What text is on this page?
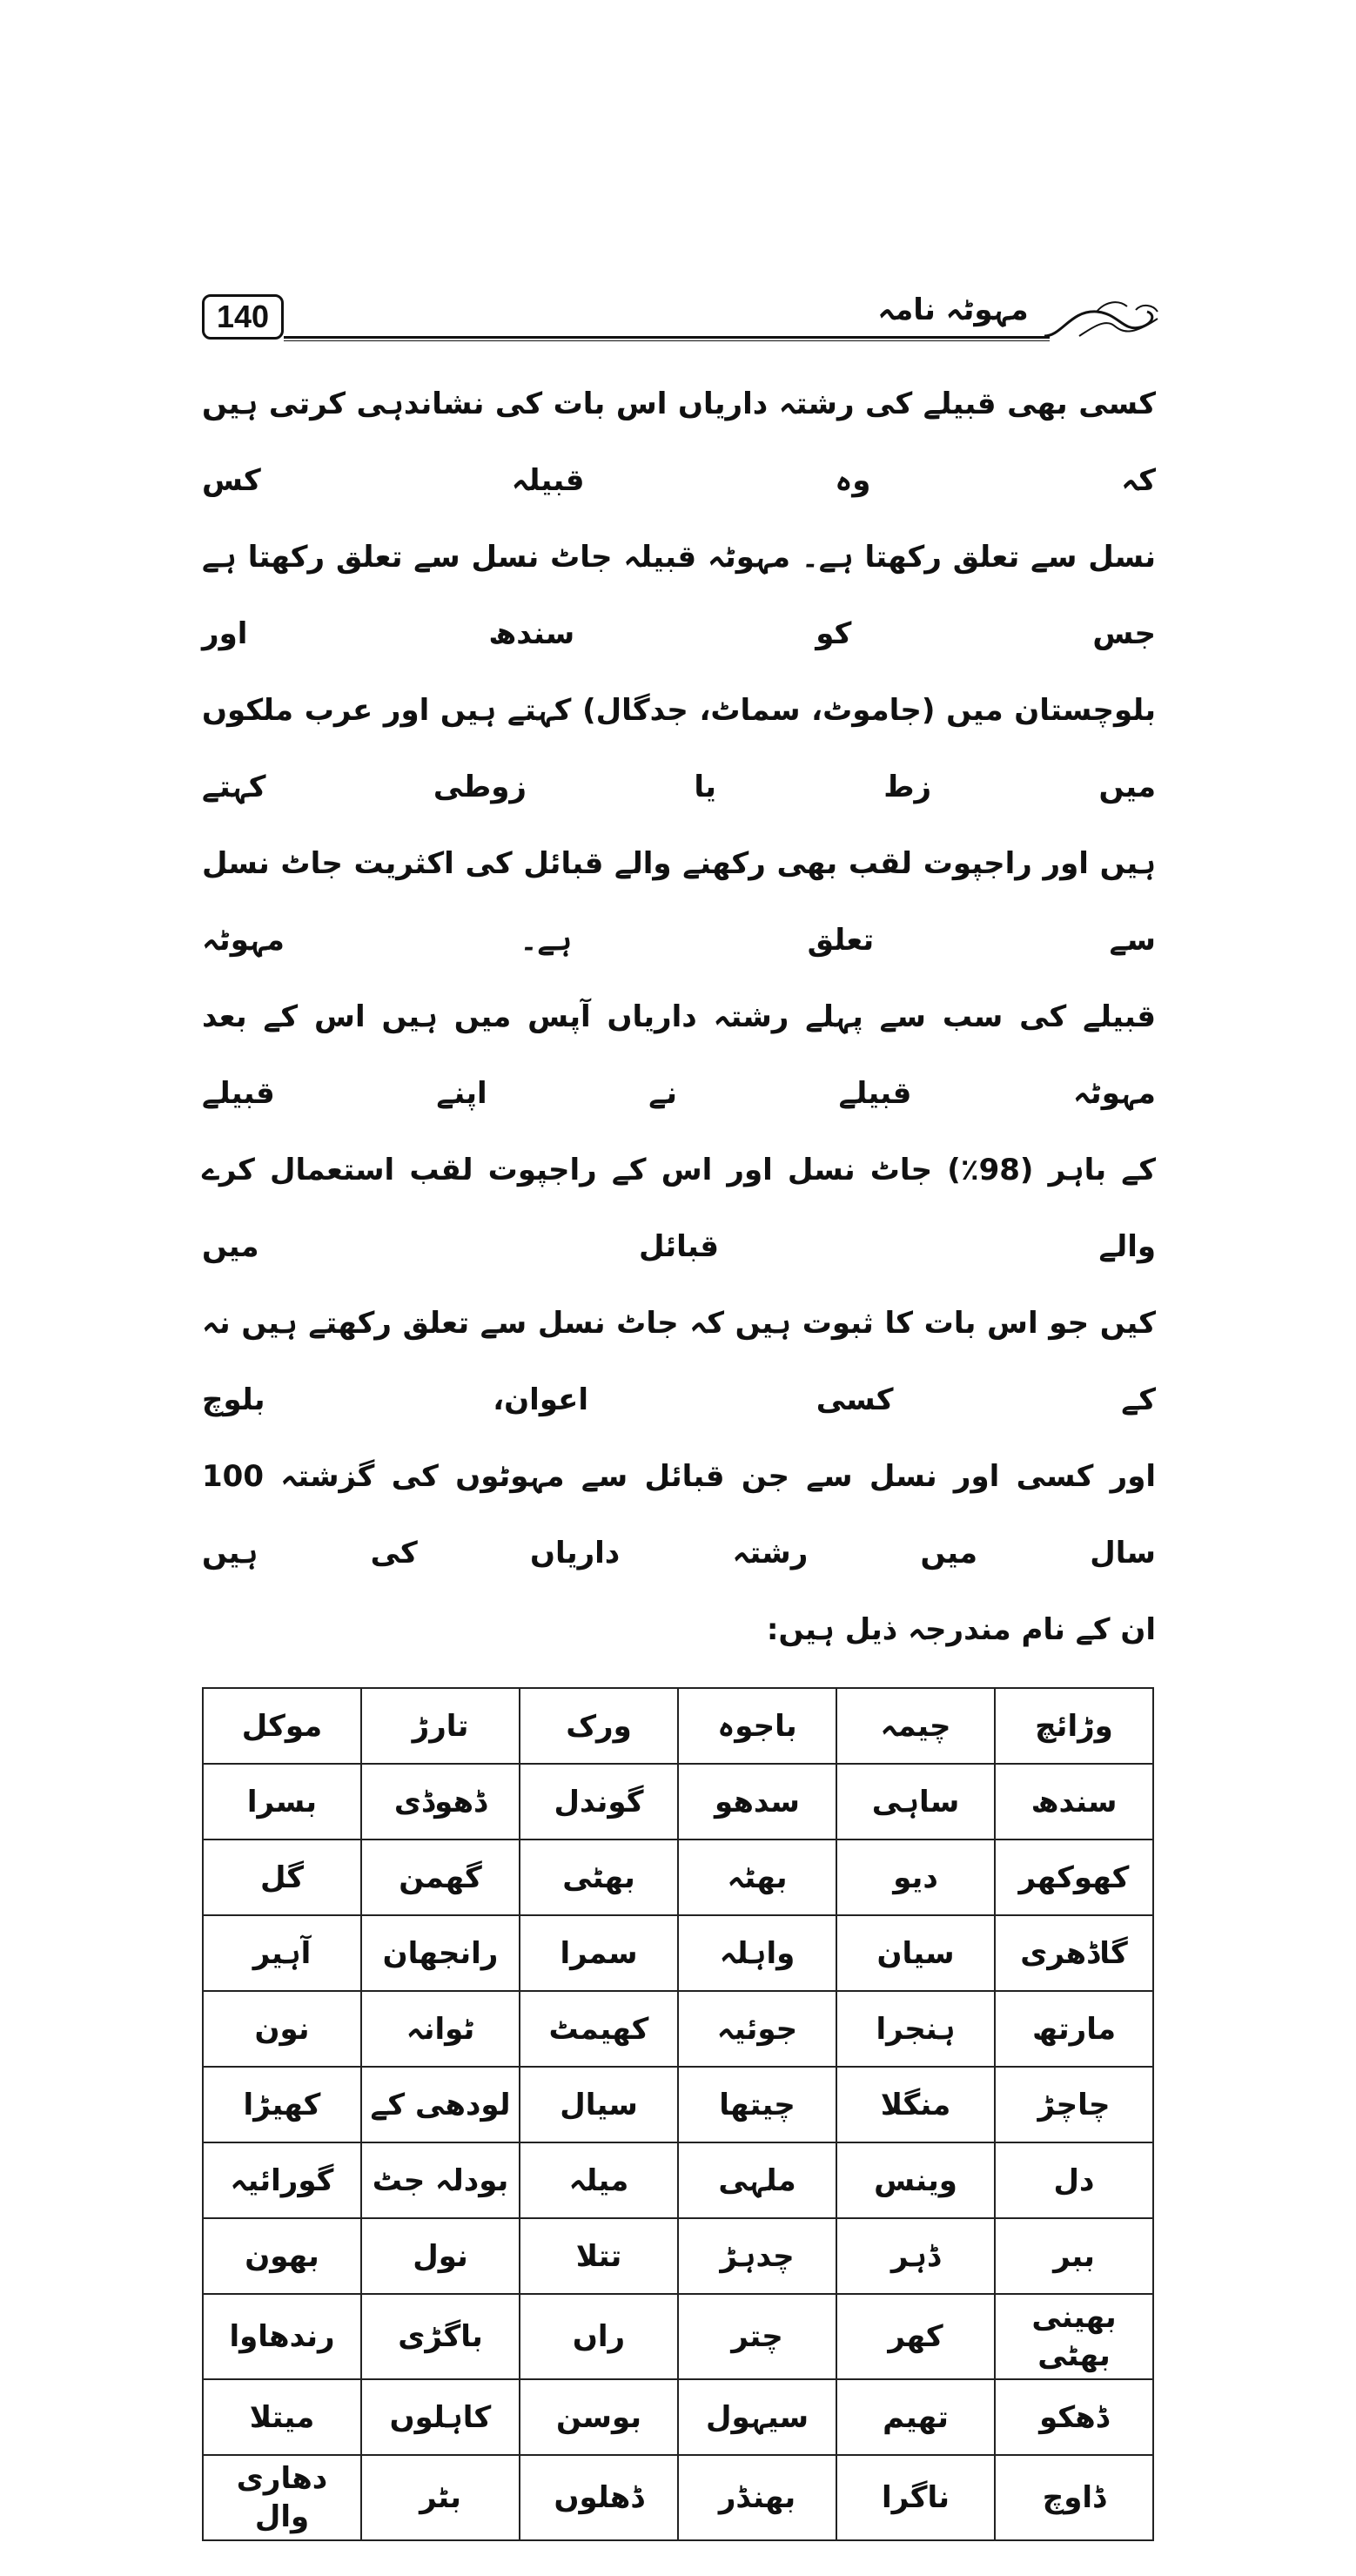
140	مہوٹہ نامہ
کسی بھی قبیلے کی رشتہ داریاں اس بات کی نشاندہی کرتی ہیں کہ وہ قبیلہ کس
نسل سے تعلق رکھتا ہے۔ مہوٹہ قبیلہ جاٹ نسل سے تعلق رکھتا ہے جس کو سندھ اور
بلوچستان میں (جاموٹ، سماٹ، جدگال) کہتے ہیں اور عرب ملکوں میں زط یا زوطی کہتے
ہیں اور راجپوت لقب بھی رکھنے والے قبائل کی اکثریت جاٹ نسل سے تعلق ہے۔ مہوٹہ
قبیلے کی سب سے پہلے رشتہ داریاں آپس میں ہیں اس کے بعد مہوٹہ قبیلے نے اپنے قبیلے
کے باہر (98٪) جاٹ نسل اور اس کے راجپوت لقب استعمال کرے والے قبائل میں
کیں جو اس بات کا ثبوت ہیں کہ جاٹ نسل سے تعلق رکھتے ہیں نہ کے کسی اعوان، بلوچ
اور کسی اور نسل سے جن قبائل سے مہوٹوں کی گزشتہ 100 سال میں رشتہ داریاں کی ہیں
ان کے نام مندرجہ ذیل ہیں:
وڑائچ	چیمہ	باجوہ	ورک	تارڑ	موکل
سندھ	ساہی	سدھو	گوندل	ڈھوڈی	بسرا
کھوکھر	دیو	بھٹہ	بھٹی	گھمن	گل
گاڈھری	سیان	واہلہ	سمرا	رانجھان	آہیر
مارتھ	ہنجرا	جوئیہ	کھیمٹ	ٹوانہ	نون
چاچڑ	منگلا	چیتھا	سیال	لودھی کے	کھیڑا
دل	وینس	ملہی	میلہ	بودلہ جٹ	گورائیہ
ببر	ڈہر	چدہڑ	تتلا	نول	بھون
بھینی بھٹی	کھر	چتر	راں	باگڑی	رندھاوا
ڈھکو	تھیم	سیہول	بوسن	کاہلوں	میتلا
ڈاوچ	ناگرا	بھنڈر	ڈھلوں	بٹر	دھاری وال
